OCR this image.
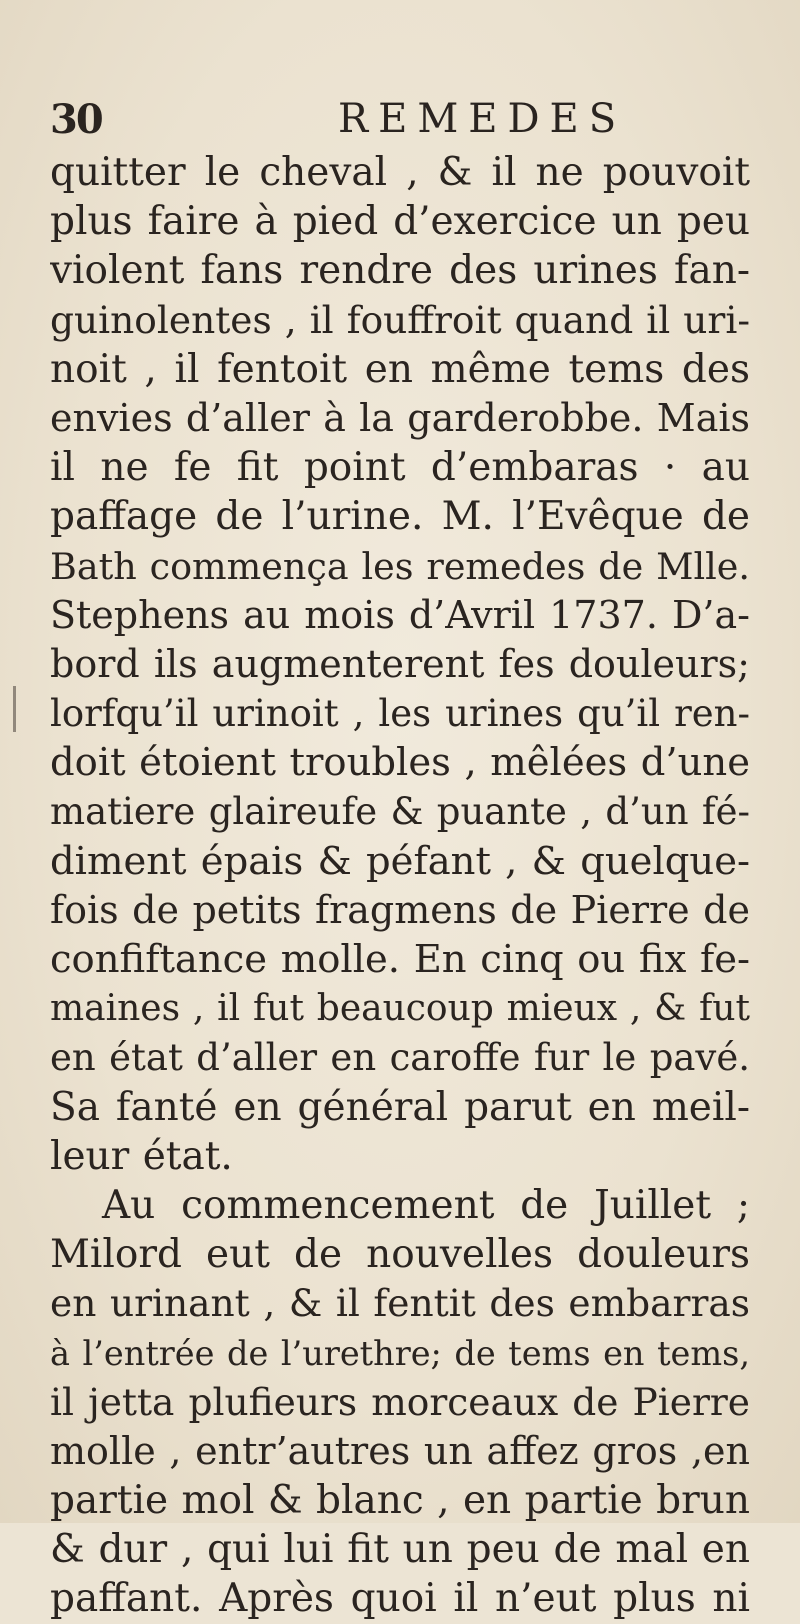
30	REMEDES
quitter le cheval , & il ne pouvoit
plus faire à pied d’exercice un peu
violent fans rendre des urines fan-
guinolentes , il fouffroit quand il uri-
noit , il fentoit en même tems des
envies d’aller à la garderobbe. Mais
il ne fe fit point d’embaras · au
paffage de l’urine. M. l’Evêque de
Bath commença les remedes de Mlle.
Stephens au mois d’Avril 1737. D’a-
bord ils augmenterent fes douleurs;
lorfqu’il urinoit , les urines qu’il ren-
doit étoient troubles , mêlées d’une
matiere glaireufe & puante , d’un fé-
diment épais & péfant , & quelque-
fois de petits fragmens de Pierre de
confiftance molle. En cinq ou fix fe-
maines , il fut beaucoup mieux , & fut
en état d’aller en caroffe fur le pavé.
Sa fanté en général parut en meil-
leur état.
Au commencement de Juillet ;
Milord eut de nouvelles douleurs
en urinant , & il fentit des embarras
à l’entrée de l’urethre; de tems en tems,
il jetta plufieurs morceaux de Pierre
molle , entr’autres un affez gros ,en
partie mol & blanc , en partie brun
& dur , qui lui fit un peu de mal en
paffant. Après quoi il n’eut plus ni
